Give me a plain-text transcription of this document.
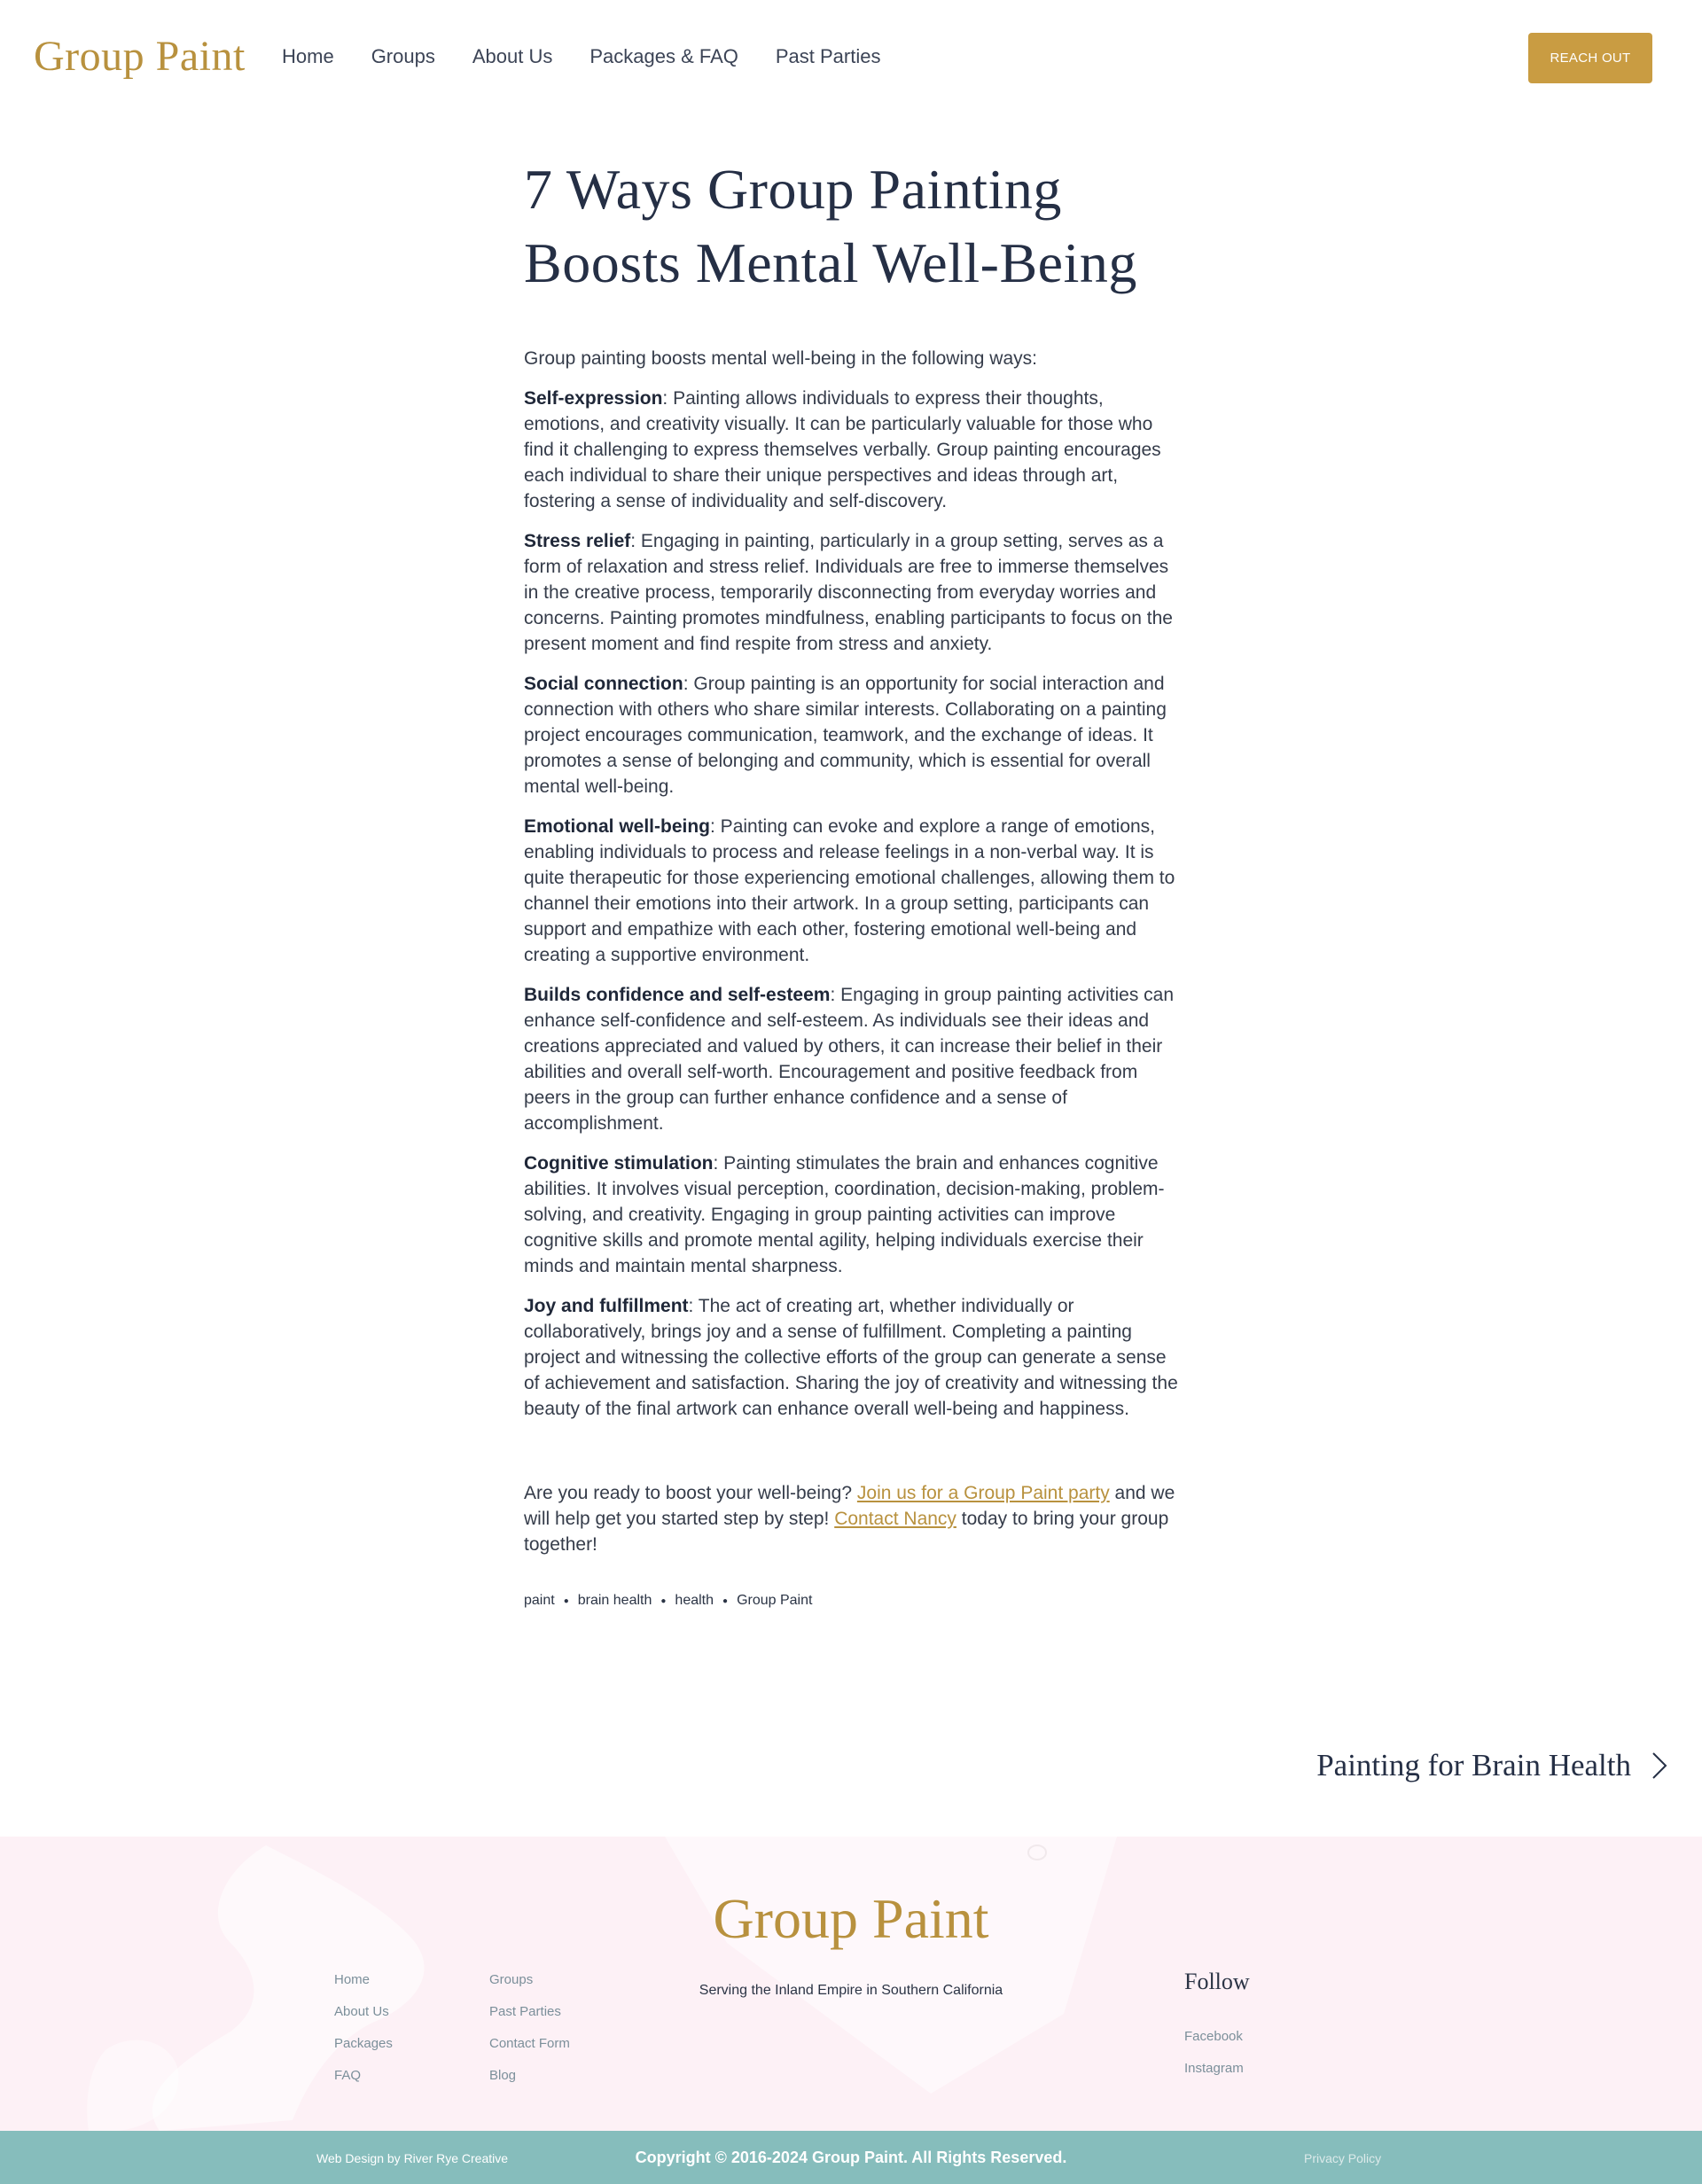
Group Paint Home Groups About Us Packages & FAQ Past Parties	REACH OUT
7 Ways Group Painting
Boosts Mental Well-Being

Group painting boosts mental well-being in the following ways:

Self-expression: Painting allows individuals to express their thoughts, emotions, and creativity visually. It can be particularly valuable for those who find it challenging to express themselves verbally. Group painting encourages each individual to share their unique perspectives and ideas through art, fostering a sense of individuality and self-discovery.

Stress relief: Engaging in painting, particularly in a group setting, serves as a form of relaxation and stress relief. Individuals are free to immerse themselves in the creative process, temporarily disconnecting from everyday worries and concerns. Painting promotes mindfulness, enabling participants to focus on the present moment and find respite from stress and anxiety.

Social connection: Group painting is an opportunity for social interaction and connection with others who share similar interests. Collaborating on a painting project encourages communication, teamwork, and the exchange of ideas. It promotes a sense of belonging and community, which is essential for overall mental well-being.

Emotional well-being: Painting can evoke and explore a range of emotions, enabling individuals to process and release feelings in a non-verbal way. It is quite therapeutic for those experiencing emotional challenges, allowing them to channel their emotions into their artwork. In a group setting, participants can support and empathize with each other, fostering emotional well-being and creating a supportive environment.

Builds confidence and self-esteem: Engaging in group painting activities can enhance self-confidence and self-esteem. As individuals see their ideas and creations appreciated and valued by others, it can increase their belief in their abilities and overall self-worth. Encouragement and positive feedback from peers in the group can further enhance confidence and a sense of accomplishment.

Cognitive stimulation: Painting stimulates the brain and enhances cognitive abilities. It involves visual perception, coordination, decision-making, problem-solving, and creativity. Engaging in group painting activities can improve cognitive skills and promote mental agility, helping individuals exercise their minds and maintain mental sharpness.

Joy and fulfillment: The act of creating art, whether individually or collaboratively, brings joy and a sense of fulfillment. Completing a painting project and witnessing the collective efforts of the group can generate a sense of achievement and satisfaction. Sharing the joy of creativity and witnessing the beauty of the final artwork can enhance overall well-being and happiness.

Are you ready to boost your well-being? Join us for a Group Paint party and we will help get you started step by step! Contact Nancy today to bring your group together!

paint ● brain health ● health ● Group Paint
Painting for Brain Health
Group Paint
Home
About Us
Packages
FAQ
Groups
Past Parties
Contact Form
Blog
Serving the Inland Empire in Southern California	Follow
Facebook
Instagram
Web Design by River Rye Creative	Copyright © 2016-2024 Group Paint. All Rights Reserved.	Privacy Policy
